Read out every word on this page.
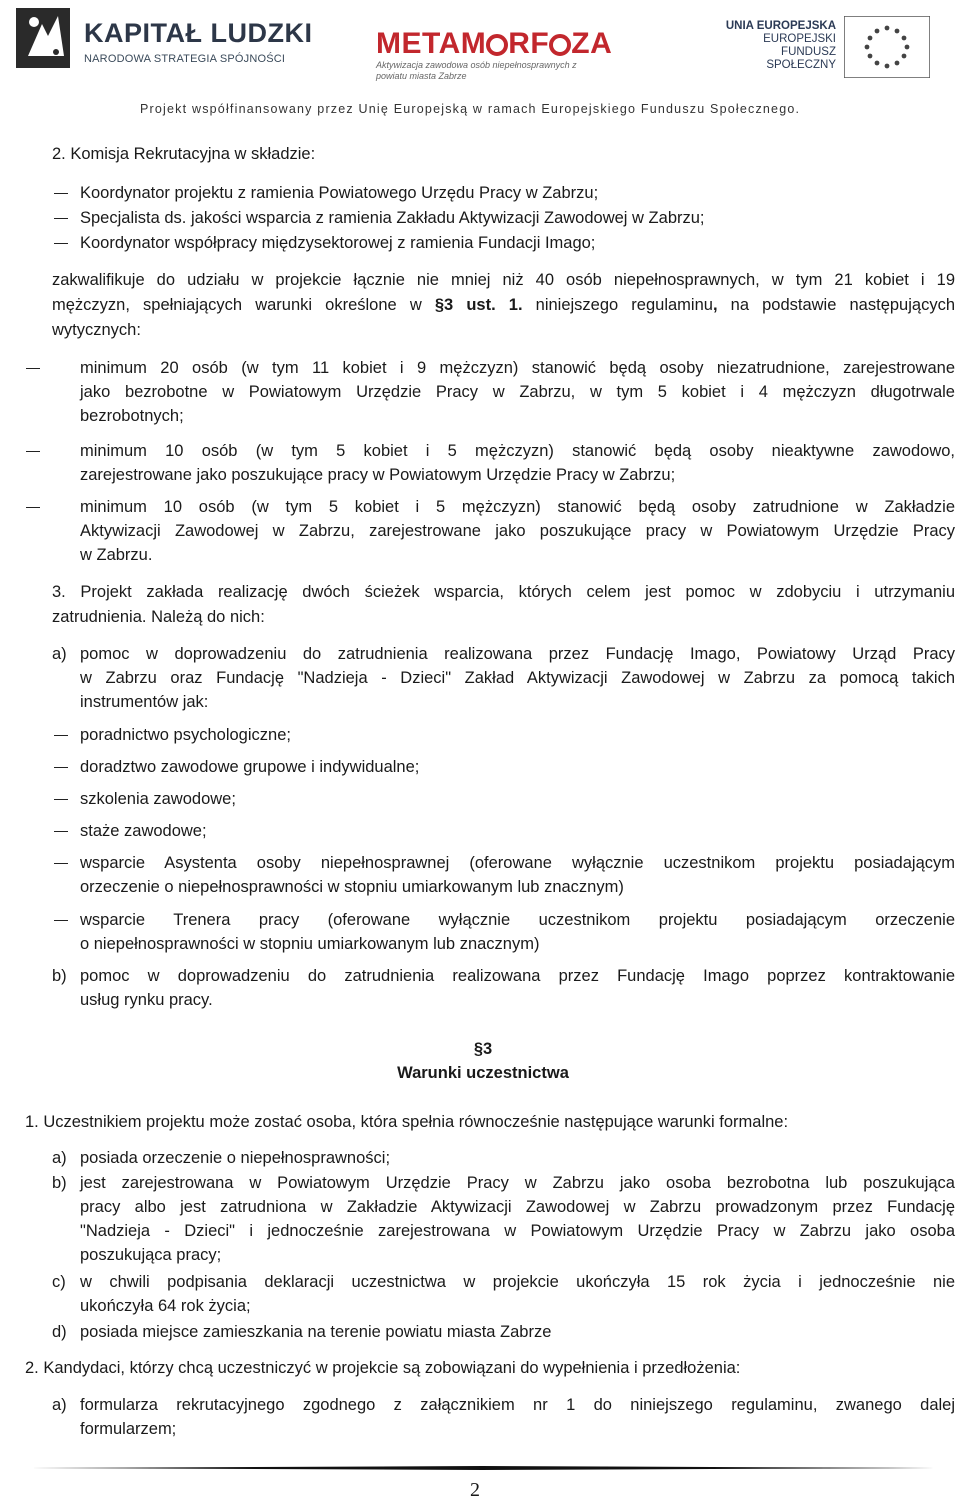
KAPITAŁ LUDZKI
NARODOWA STRATEGIA SPÓJNOŚCI	METAM RF ZA
Aktywizacja zawodowa osób niepełnosprawnych z powiatu miasta Zabrze
UNIA EUROPEJSKA
EUROPEJSKI
FUNDUSZ SPOŁECZNY
Projekt współfinansowany przez Unię Europejską w ramach Europejskiego Funduszu Społecznego.
2. Komisja Rekrutacyjna w składzie:
Koordynator projektu z ramienia Powiatowego Urzędu Pracy w Zabrzu;
Specjalista ds. jakości wsparcia z ramienia Zakładu Aktywizacji Zawodowej w Zabrzu;
Koordynator współpracy międzysektorowej z ramienia Fundacji Imago;
zakwalifikuje do udziału w projekcie łącznie nie mniej niż 40 osób niepełnosprawnych, w tym 21 kobiet i 19
mężczyzn, spełniających warunki określone w §3 ust. 1. niniejszego regulaminu, na podstawie następujących
wytycznych:
minimum 20 osób (w tym 11 kobiet i 9 mężczyzn) stanowić będą osoby niezatrudnione, zarejestrowane
jako bezrobotne w Powiatowym Urzędzie Pracy w Zabrzu, w tym 5 kobiet i 4 mężczyzn długotrwale
bezrobotnych;
minimum 10 osób (w tym 5 kobiet i 5 mężczyzn) stanowić będą osoby nieaktywne zawodowo,
zarejestrowane jako poszukujące pracy w Powiatowym Urzędzie Pracy w Zabrzu;
minimum 10 osób (w tym 5 kobiet i 5 mężczyzn) stanowić będą osoby zatrudnione w Zakładzie
Aktywizacji Zawodowej w Zabrzu, zarejestrowane jako poszukujące pracy w Powiatowym Urzędzie Pracy
w Zabrzu.
3. Projekt zakłada realizację dwóch ścieżek wsparcia, których celem jest pomoc w zdobyciu i utrzymaniu
zatrudnienia. Należą do nich:
a) pomoc w doprowadzeniu do zatrudnienia realizowana przez Fundację Imago, Powiatowy Urząd Pracy
w Zabrzu oraz Fundację "Nadzieja - Dzieci" Zakład Aktywizacji Zawodowej w Zabrzu za pomocą takich
instrumentów jak:
poradnictwo psychologiczne;
doradztwo zawodowe grupowe i indywidualne;
szkolenia zawodowe;
staże zawodowe;
wsparcie Asystenta osoby niepełnosprawnej (oferowane wyłącznie uczestnikom projektu posiadającym
orzeczenie o niepełnosprawności w stopniu umiarkowanym lub znacznym)
wsparcie Trenera pracy (oferowane wyłącznie uczestnikom projektu posiadającym orzeczenie
o niepełnosprawności w stopniu umiarkowanym lub znacznym)
b) pomoc w doprowadzeniu do zatrudnienia realizowana przez Fundację Imago poprzez kontraktowanie
usług rynku pracy.
§3
Warunki uczestnictwa
1. Uczestnikiem projektu może zostać osoba, która spełnia równocześnie następujące warunki formalne:
a) posiada orzeczenie o niepełnosprawności;
b) jest zarejestrowana w Powiatowym Urzędzie Pracy w Zabrzu jako osoba bezrobotna lub poszukująca
pracy albo jest zatrudniona w Zakładzie Aktywizacji Zawodowej w Zabrzu prowadzonym przez Fundację
"Nadzieja - Dzieci" i jednocześnie zarejestrowana w Powiatowym Urzędzie Pracy w Zabrzu jako osoba
poszukująca pracy;
c) w chwili podpisania deklaracji uczestnictwa w projekcie ukończyła 15 rok życia i jednocześnie nie
ukończyła 64 rok życia;
d) posiada miejsce zamieszkania na terenie powiatu miasta Zabrze
2. Kandydaci, którzy chcą uczestniczyć w projekcie są zobowiązani do wypełnienia i przedłożenia:
a) formularza rekrutacyjnego zgodnego z załącznikiem nr 1 do niniejszego regulaminu, zwanego dalej
formularzem;
2
